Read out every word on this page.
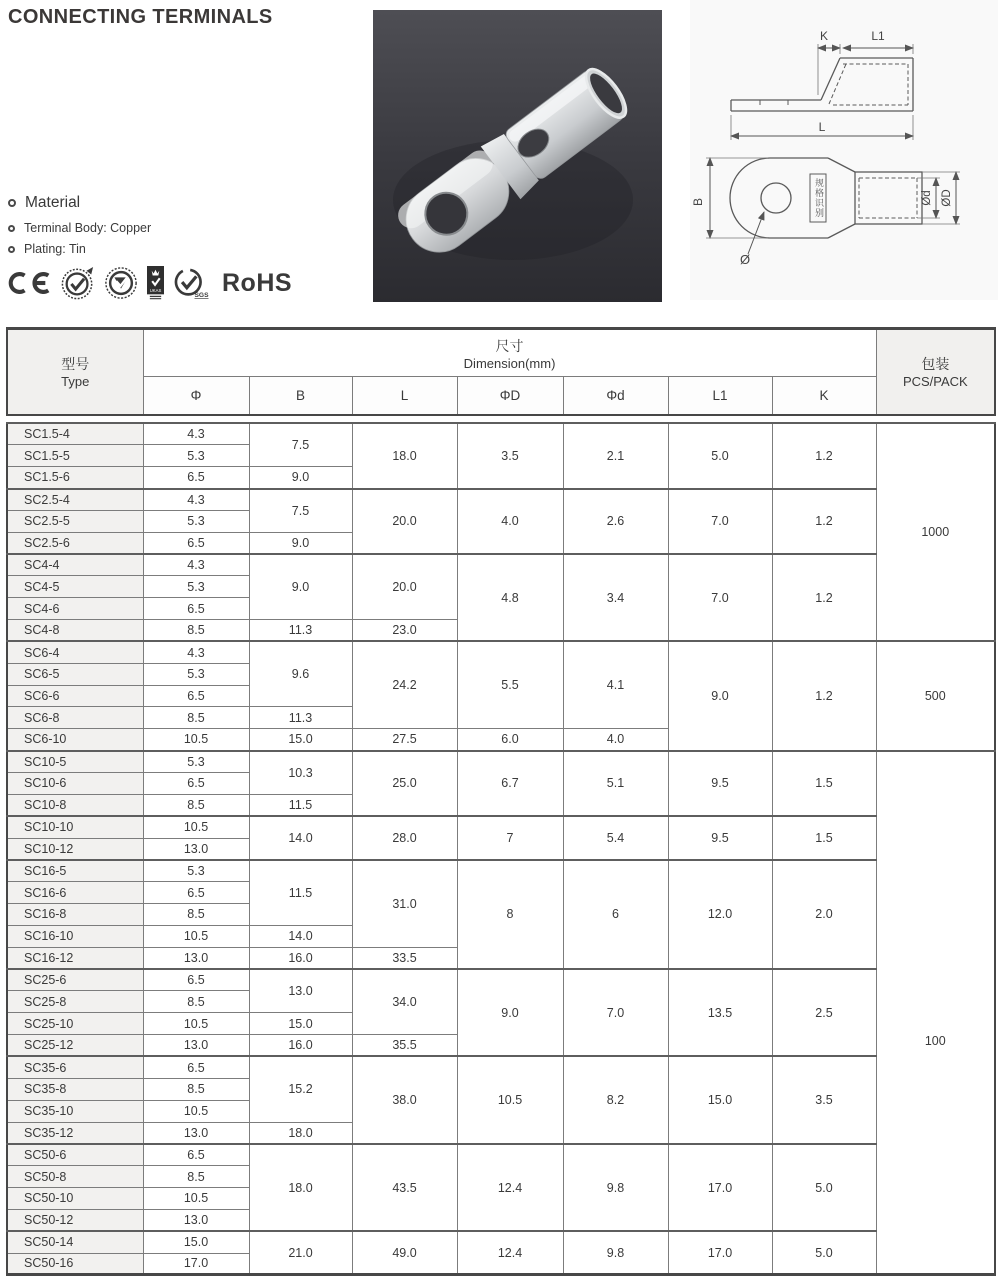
CONNECTING TERMINALS
Material
Terminal Body: Copper
Plating: Tin
UKAS
SGS RoHS
K	L1
L
B	Ød ØD
Ø
规格识别
型号
Type

尺寸
Dimension(mm)	包装
PCS/PACK

	Φ	B	L	ΦD	Φd	L1	K	
SC1.5-4	4.3	7.5	18.0	3.5	2.1	5.0	1.2	1000
SC1.5-5	5.3							
SC1.5-6	6.5	9.0						
SC2.5-4	4.3	7.5	20.0	4.0	2.6	7.0	1.2	
SC2.5-5	5.3							
SC2.5-6	6.5	9.0						
SC4-4	4.3	9.0	20.0	4.8	3.4	7.0	1.2	
SC4-5	5.3							
SC4-6	6.5							
SC4-8	8.5	11.3	23.0					
SC6-4	4.3	9.6	24.2	5.5	4.1	9.0	1.2	500
SC6-5	5.3							
SC6-6	6.5							
SC6-8	8.5	11.3						
SC6-10	10.5	15.0	27.5	6.0	4.0			
SC10-5	5.3	10.3	25.0	6.7	5.1	9.5	1.5	100
SC10-6	6.5							
SC10-8	8.5	11.5						
SC10-10	10.5	14.0	28.0	7	5.4	9.5	1.5	
SC10-12	13.0							
SC16-5	5.3	11.5	31.0	8	6	12.0	2.0	
SC16-6	6.5							
SC16-8	8.5							
SC16-10	10.5	14.0						
SC16-12	13.0	16.0	33.5					
SC25-6	6.5	13.0	34.0	9.0	7.0	13.5	2.5	
SC25-8	8.5							
SC25-10	10.5	15.0						
SC25-12	13.0	16.0	35.5					
SC35-6	6.5	15.2	38.0	10.5	8.2	15.0	3.5	
SC35-8	8.5							
SC35-10	10.5							
SC35-12	13.0	18.0						
SC50-6	6.5	18.0	43.5	12.4	9.8	17.0	5.0	
SC50-8	8.5							
SC50-10	10.5							
SC50-12	13.0							
SC50-14	15.0	21.0	49.0	12.4	9.8	17.0	5.0	
SC50-16	17.0							
